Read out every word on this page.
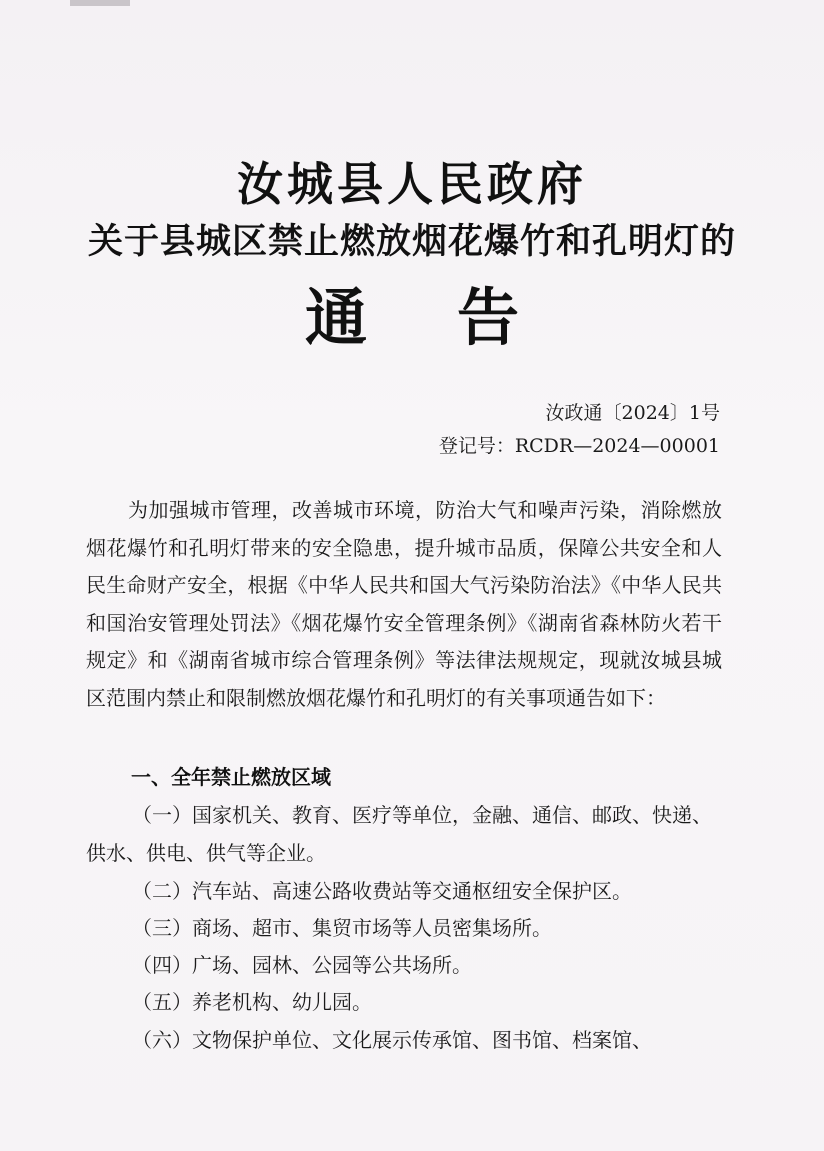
汝城县人民政府
关于县城区禁止燃放烟花爆竹和孔明灯的
通告
汝政通〔2024〕1号
登记号：RCDR—2024—00001

为加强城市管理，改善城市环境，防治大气和噪声污染，消除燃放烟花爆竹和孔明灯带来的安全隐患，提升城市品质，保障公共安全和人民生命财产安全，根据《中华人民共和国大气污染防治法》《中华人民共和国治安管理处罚法》《烟花爆竹安全管理条例》《湖南省森林防火若干规定》和《湖南省城市综合管理条例》等法律法规规定，现就汝城县城区范围内禁止和限制燃放烟花爆竹和孔明灯的有关事项通告如下：

一、全年禁止燃放区域

（一）国家机关、教育、医疗等单位，金融、通信、邮政、快递、供水、供电、供气等企业。

（二）汽车站、高速公路收费站等交通枢纽安全保护区。

（三）商场、超市、集贸市场等人员密集场所。

（四）广场、园林、公园等公共场所。

（五）养老机构、幼儿园。

（六）文物保护单位、文化展示传承馆、图书馆、档案馆、
